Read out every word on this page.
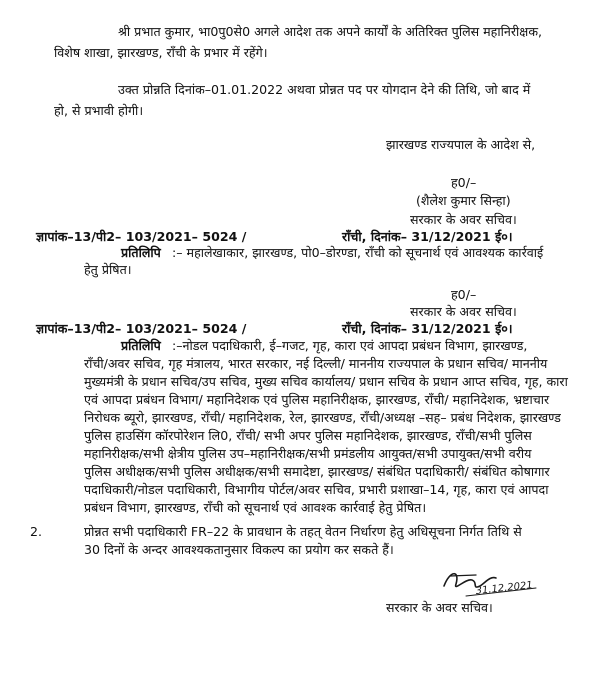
श्री प्रभात कुमार, भा0पु0से0 अगले आदेश तक अपने कार्यों के अतिरिक्त पुलिस महानिरीक्षक,
विशेष शाखा, झारखण्ड, राँची के प्रभार में रहेंगे।
उक्त प्रोन्नति दिनांक–01.01.2022 अथवा प्रोन्नत पद पर योगदान देने की तिथि, जो बाद में
हो, से प्रभावी होगी।
झारखण्ड राज्यपाल के आदेश से,
ह0/–
(शैलेश कुमार सिन्हा)
सरकार के अवर सचिव।
ज्ञापांक–13/पी2– 103/2021– 5024 /	राँची, दिनांक– 31/12/2021 ई०।
प्रतिलिपि :– महालेखाकार, झारखण्ड, पो0–डोरण्डा, राँची को सूचनार्थ एवं आवश्यक कार्रवाई
हेतु प्रेषित।
ह0/–
सरकार के अवर सचिव।
ज्ञापांक–13/पी2– 103/2021– 5024 /	राँची, दिनांक– 31/12/2021 ई०।
प्रतिलिपि :–नोडल पदाधिकारी, ई–गजट, गृह, कारा एवं आपदा प्रबंधन विभाग, झारखण्ड,
राँची/अवर सचिव, गृह मंत्रालय, भारत सरकार, नई दिल्ली/ माननीय राज्यपाल के प्रधान सचिव/ माननीय
मुख्यमंत्री के प्रधान सचिव/उप सचिव, मुख्य सचिव कार्यालय/ प्रधान सचिव के प्रधान आप्त सचिव, गृह, कारा
एवं आपदा प्रबंधन विभाग/ महानिदेशक एवं पुलिस महानिरीक्षक, झारखण्ड, राँची/ महानिदेशक, भ्रष्टाचार
निरोधक ब्यूरो, झारखण्ड, राँची/ महानिदेशक, रेल, झारखण्ड, राँची/अध्यक्ष –सह– प्रबंध निदेशक, झारखण्ड
पुलिस हाउसिंग कॉरपोरेशन लि0, राँची/ सभी अपर पुलिस महानिदेशक, झारखण्ड, राँची/सभी पुलिस
महानिरीक्षक/सभी क्षेत्रीय पुलिस उप–महानिरीक्षक/सभी प्रमंडलीय आयुक्त/सभी उपायुक्त/सभी वरीय
पुलिस अधीक्षक/सभी पुलिस अधीक्षक/सभी समादेष्टा, झारखण्ड/ संबंधित पदाधिकारी/ संबंधित कोषागार
पदाधिकारी/नोडल पदाधिकारी, विभागीय पोर्टल/अवर सचिव, प्रभारी प्रशाखा–14, गृह, कारा एवं आपदा
प्रबंधन विभाग, झारखण्ड, राँची को सूचनार्थ एवं आवश्क कार्रवाई हेतु प्रेषित।
2.	प्रोन्नत सभी पदाधिकारी FR–22 के प्रावधान के तहत् वेतन निर्धारण हेतु अधिसूचना निर्गत तिथि से
30 दिनों के अन्दर आवश्यकतानुसार विकल्प का प्रयोग कर सकते हैं।
31.12.2021
सरकार के अवर सचिव।
